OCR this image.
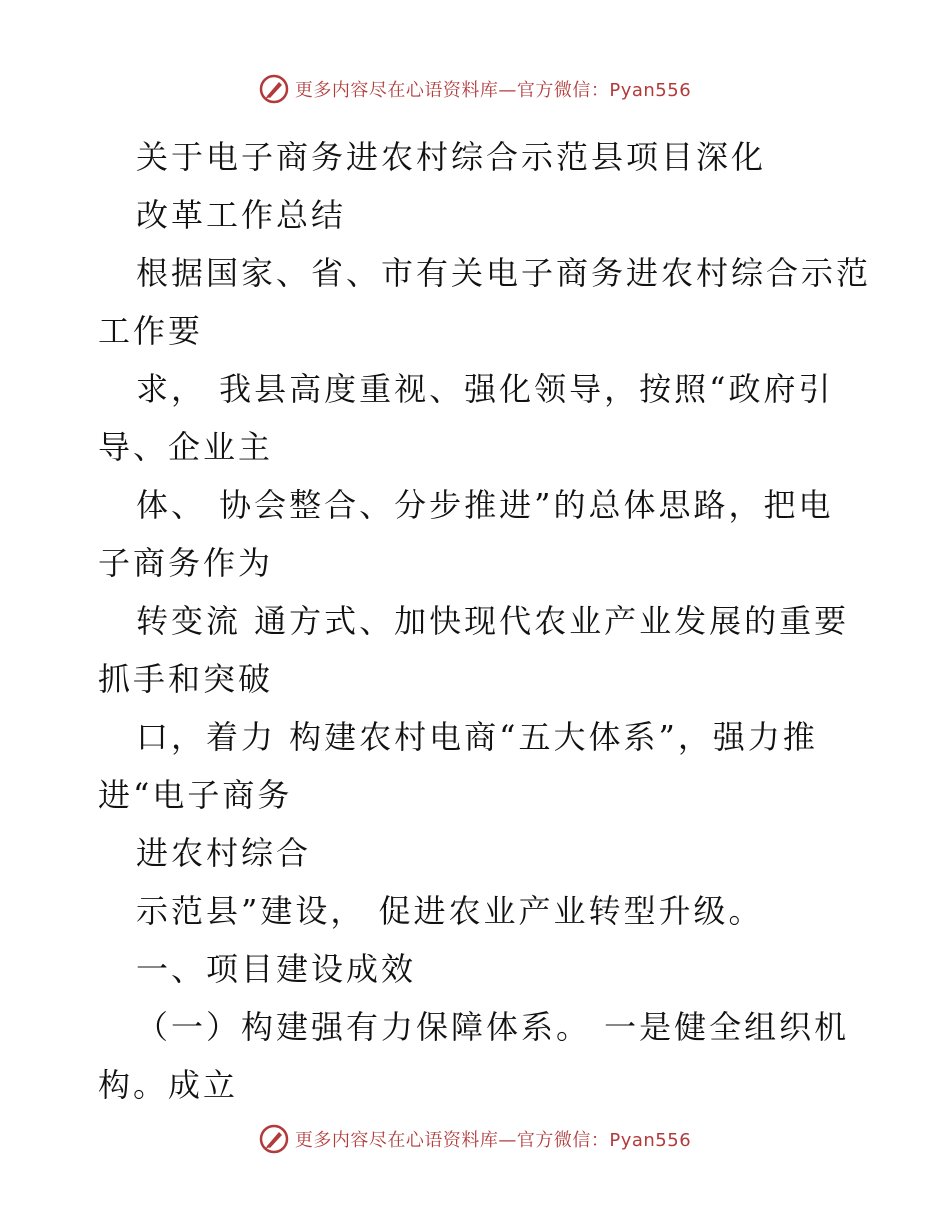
更多内容尽在心语资料库—官方微信：Pyan556
关于电子商务进农村综合示范县项目深化
改革工作总结
根据国家、省、市有关电子商务进农村综合示范
工作要
求， 我县高度重视、强化领导，按照“政府引
导、企业主
体、 协会整合、分步推进”的总体思路，把电
子商务作为
转变流 通方式、加快现代农业产业发展的重要
抓手和突破
口，着力 构建农村电商“五大体系”，强力推
进“电子商务
进农村综合
示范县”建设， 促进农业产业转型升级。
一、项目建设成效
（一）构建强有力保障体系。 一是健全组织机
构。成立
更多内容尽在心语资料库—官方微信：Pyan556
